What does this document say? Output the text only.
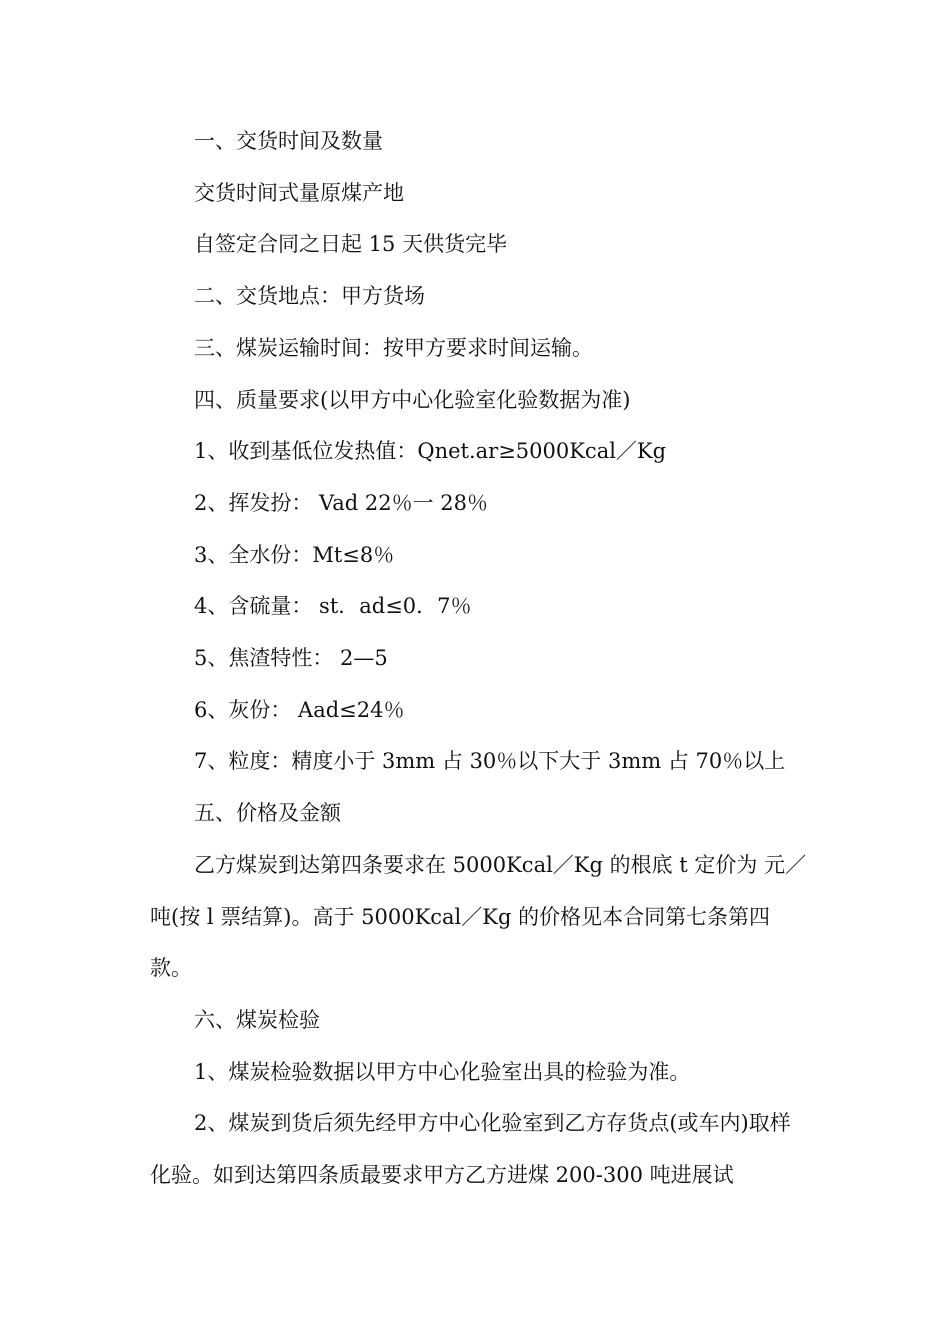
一、交货时间及数量

交货时间式量原煤产地

自签定合同之日起 15 天供货完毕

二、交货地点：甲方货场

三、煤炭运输时间：按甲方要求时间运输。

四、质量要求(以甲方中心化验室化验数据为准)

1、收到基低位发热值：Qnet.ar≥5000Kcal／Kg

2、挥发扮： Vad 22％一 28％

3、全水份：Mt≤8％

4、含硫量： st．ad≤0．7％

5、焦渣特性： 2—5

6、灰份： Aad≤24％

7、粒度：精度小于 3mm 占 30％以下大于 3mm 占 70％以上

五、价格及金额

乙方煤炭到达第四条要求在 5000Kcal／Kg 的根底 t 定价为 元／吨(按 l 票结算)。高于 5000Kcal／Kg 的价格见本合同第七条第四款。

六、煤炭检验

1、煤炭检验数据以甲方中心化验室出具的检验为准。

2、煤炭到货后须先经甲方中心化验室到乙方存货点(或车内)取样化验。如到达第四条质最要求甲方乙方进煤 200-300 吨进展试
